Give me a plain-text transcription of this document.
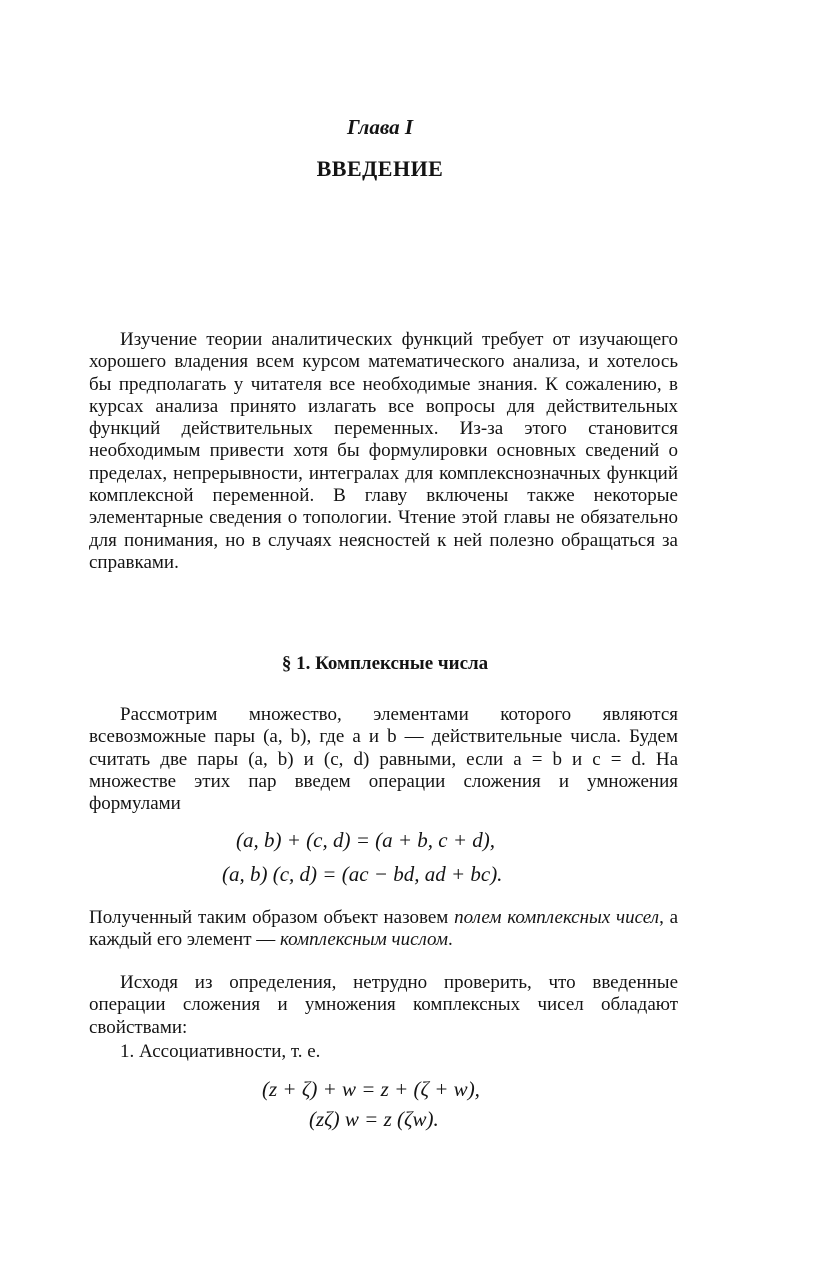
Глава I
ВВЕДЕНИЕ

Изучение теории аналитических функций требует от изучающего хорошего владения всем курсом математического анализа, и хотелось бы предполагать у читателя все необходимые знания. К сожалению, в курсах анализа принято излагать все вопросы для действительных функций действительных переменных. Из-за этого становится необходимым привести хотя бы формулировки основных сведений о пределах, непрерывности, интегралах для комплекснозначных функций комплексной переменной. В главу включены также некоторые элементарные сведения о топологии. Чтение этой главы не обязательно для понимания, но в случаях неясностей к ней полезно обращаться за справками.

§ 1. Комплексные числа

Рассмотрим множество, элементами которого являются всевозможные пары (a, b), где a и b — действительные числа. Будем считать две пары (a, b) и (c, d) равными, если a = b и c = d. На множестве этих пар введем операции сложения и умножения формулами

(a, b) + (c, d) = (a + b, c + d),
(a, b) (c, d) = (ac − bd, ad + bc).

Полученный таким образом объект назовем полем комплексных чисел, а каждый его элемент — комплексным числом.

Исходя из определения, нетрудно проверить, что введенные операции сложения и умножения комплексных чисел обладают свойствами:

1. Ассоциативности, т. е.
(z + ζ) + w = z + (ζ + w),
(zζ) w = z (ζw).
